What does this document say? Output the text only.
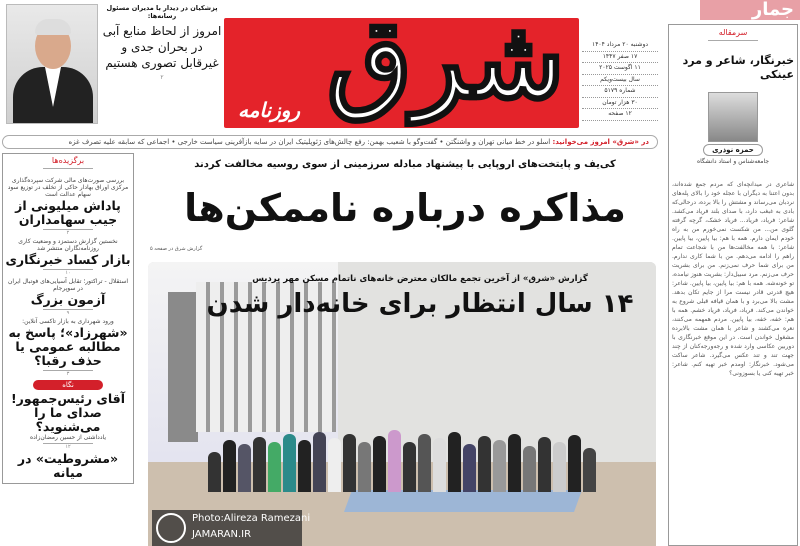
پزشکیان در دیدار با مدیران مسئول رسانه‌ها:
امروز از لحاظ منابع آبی در بحران جدی و غیرقابل تصوری هستیم
۲	شرق
روزنامه
دوشنبه ۲۰ مرداد ۱۴۰۴
۱۷ صفر ۱۴۴۷
۱۱ اگوست ۲۰۲۵
سال بیست‌ویکم
شماره ۵۱۷۹
۳۰ هزار تومان
۱۲ صفحه
در «شرق» امروز می‌خوانید: اسلو در خط میانی تهران و واشنگتن • گفت‌وگو با شعیب بهمن: رفع چالش‌های ژئوپلیتیک ایران در سایه بازآفرینی سیاست خارجی • اجماعی که سابقه علیه تصرف غزه
برگزیده‌ها
بررسی صورت‌های مالی شرکت سپرده‌گذاری مرکزی اوراق بهادار حاکی از تخلف در توزیع سود سهام عدالت است
پاداش میلیونی از جیب سهامداران
۲
نخستین گزارش دستمزد و وضعیت کاری روزنامه‌نگاران منتشر شد
بازار کساد خبرنگاری
۱۰
استقلال - تراکتور؛ تقابل آسیایی‌های فوتبال ایران در سوپرجام
آزمون بزرگ
۹
ورود شهرداری به بازار تاکسی آنلاین:
«شهرزاد»؛ پاسخ به مطالبه عمومی یا حذف رقبا؟
۳
نگاه
آقای رئیس‌جمهور! صدای ما را می‌شنوید؟
یادداشتی از حسین رمضان‌زاده
۱۲
«مشروطیت» در میانه
کی‌یف و پایتخت‌های اروپایی با پیشنهاد مبادله سرزمینی از سوی روسیه مخالفت کردند
مذاکره درباره ناممکن‌ها
گزارش شرق در صفحه ۵
گزارش «شرق» از آخرین تجمع مالکان معترض خانه‌های ناتمام مسکن مهر پردیس
۱۴ سال انتظار برای خانه‌دار شدن
Photo:Alireza Ramezani
JAMARAN.IR
جمار
سرمقاله
خبرنگار، شاعر و مرد عینکی
حمزه نوذری
جامعه‌شناس و استاد دانشگاه
شاعری در میدانچه‌ای که مردم جمع شده‌اند، بدون اعتنا به دیگران با عجله خود را بالای پله‌های نردبان می‌رساند و مشتش را بالا برده، درحالی‌که بادی به غبغب دارد، با صدای بلند فریاد می‌کشد. شاعر: فریاد، فریاد... فریاد خشک، گرچه گرفته گلوی من... من شکست نمی‌خورم من به راه خودم ایمان دارم. همه با هم: بیا پایین، بیا پایین. شاعر: با همه مخالفت‌ها من با شجاعت تمام راهم را ادامه می‌دهم. من با شما کاری ندارم. من برای شما حرف نمی‌زنم. من برای بشریت حرف می‌زنم. مرد سبیل‌دار: بشریت هنوز نیامده، تو خونه‌شه. همه با هم: بیا پایین، بیا پایین. شاعر: هیچ قدرتی قادر نیست مرا از جایم تکان بدهد. مشت بالا می‌برد و با همان قیافه قبلی شروع به خواندن می‌کند. فریاد، فریاد، فریاد خشم. همه با هم: خفه، خفه، بیا پایین. مردم همهمه می‌کنند، نعره می‌کشند و شاعر با همان مشت بالابرده مشغول خواندن است. در این موقع خبرنگاری با دوربین عکاسی وارد شده و رجه‌ورجه‌کنان از چند جهت تند و تند عکس می‌گیرد. شاعر ساکت می‌شود. خبرنگار: اومدم خبر تهیه کنم. شاعر: خبر تهیه کنی یا بسوزونی؟
